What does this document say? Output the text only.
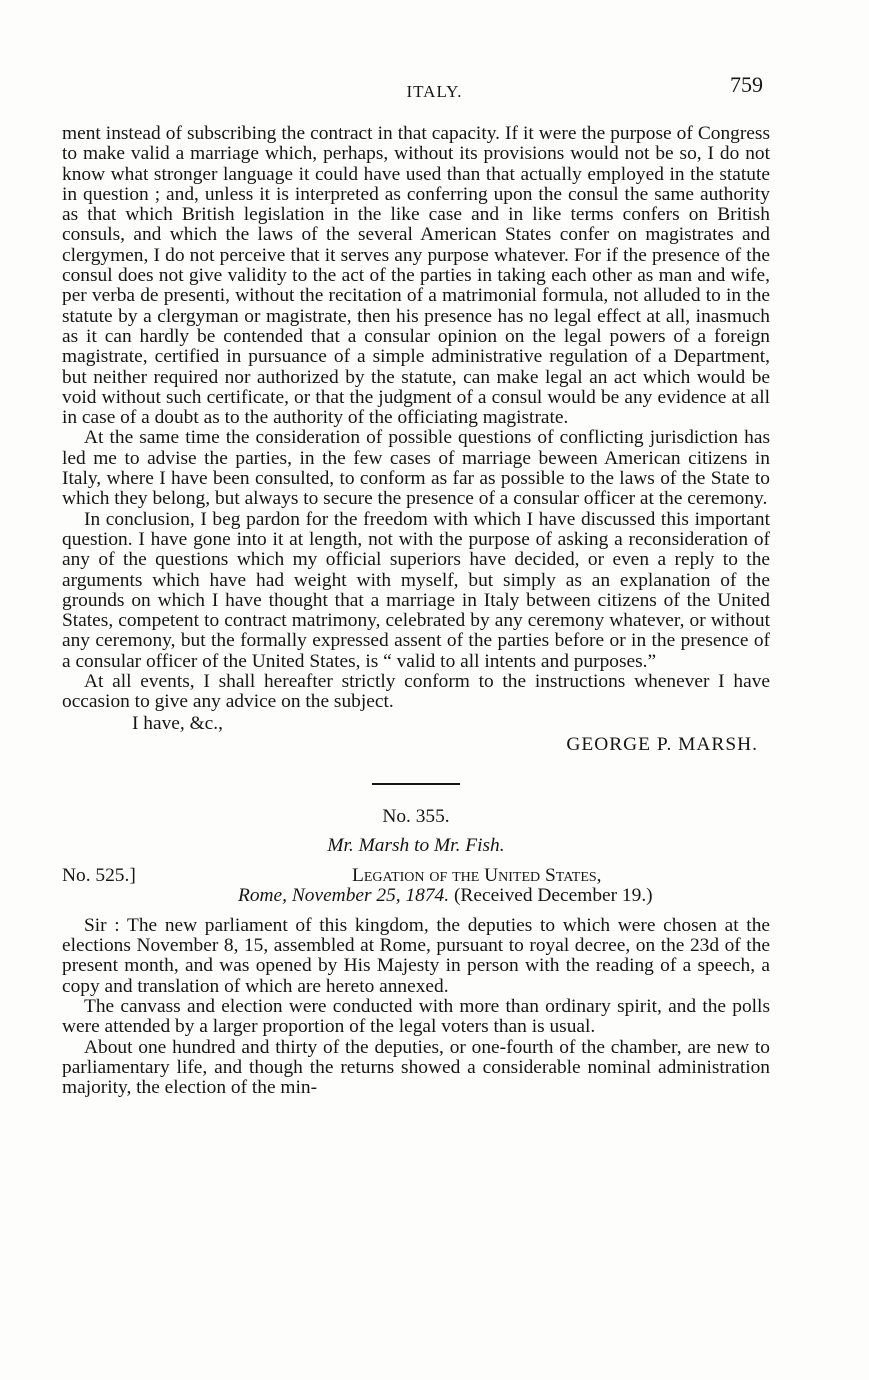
ITALY.	759

ment instead of subscribing the contract in that capacity. If it were the purpose of Congress to make valid a marriage which, perhaps, without its provisions would not be so, I do not know what stronger language it could have used than that actually employed in the statute in question ; and, unless it is interpreted as conferring upon the consul the same authority as that which British legislation in the like case and in like terms confers on British consuls, and which the laws of the several American States confer on magistrates and clergymen, I do not perceive that it serves any purpose whatever. For if the presence of the consul does not give validity to the act of the parties in taking each other as man and wife, per verba de presenti, without the recitation of a matrimonial formula, not alluded to in the statute by a clergyman or magistrate, then his presence has no legal effect at all, inasmuch as it can hardly be contended that a consular opinion on the legal powers of a foreign magistrate, certified in pursuance of a simple administrative regulation of a Department, but neither required nor authorized by the statute, can make legal an act which would be void without such certificate, or that the judgment of a consul would be any evidence at all in case of a doubt as to the authority of the officiating magistrate.

At the same time the consideration of possible questions of conflicting jurisdiction has led me to advise the parties, in the few cases of marriage beween American citizens in Italy, where I have been consulted, to conform as far as possible to the laws of the State to which they belong, but always to secure the presence of a consular officer at the ceremony.

In conclusion, I beg pardon for the freedom with which I have discussed this important question. I have gone into it at length, not with the purpose of asking a reconsideration of any of the questions which my official superiors have decided, or even a reply to the arguments which have had weight with myself, but simply as an explanation of the grounds on which I have thought that a marriage in Italy between citizens of the United States, competent to contract matrimony, celebrated by any ceremony whatever, or without any ceremony, but the formally expressed assent of the parties before or in the presence of a consular officer of the United States, is “ valid to all intents and purposes.”

At all events, I shall hereafter strictly conform to the instructions whenever I have occasion to give any advice on the subject.

I have, &c.,
GEORGE P. MARSH.
No. 355.
Mr. Marsh to Mr. Fish.
No. 525.]	Legation of the United States,
Rome, November 25, 1874. (Received December 19.)

Sir : The new parliament of this kingdom, the deputies to which were chosen at the elections November 8, 15, assembled at Rome, pursuant to royal decree, on the 23d of the present month, and was opened by His Majesty in person with the reading of a speech, a copy and translation of which are hereto annexed.

The canvass and election were conducted with more than ordinary spirit, and the polls were attended by a larger proportion of the legal voters than is usual.

About one hundred and thirty of the deputies, or one-fourth of the chamber, are new to parliamentary life, and though the returns showed a considerable nominal administration majority, the election of the min-
